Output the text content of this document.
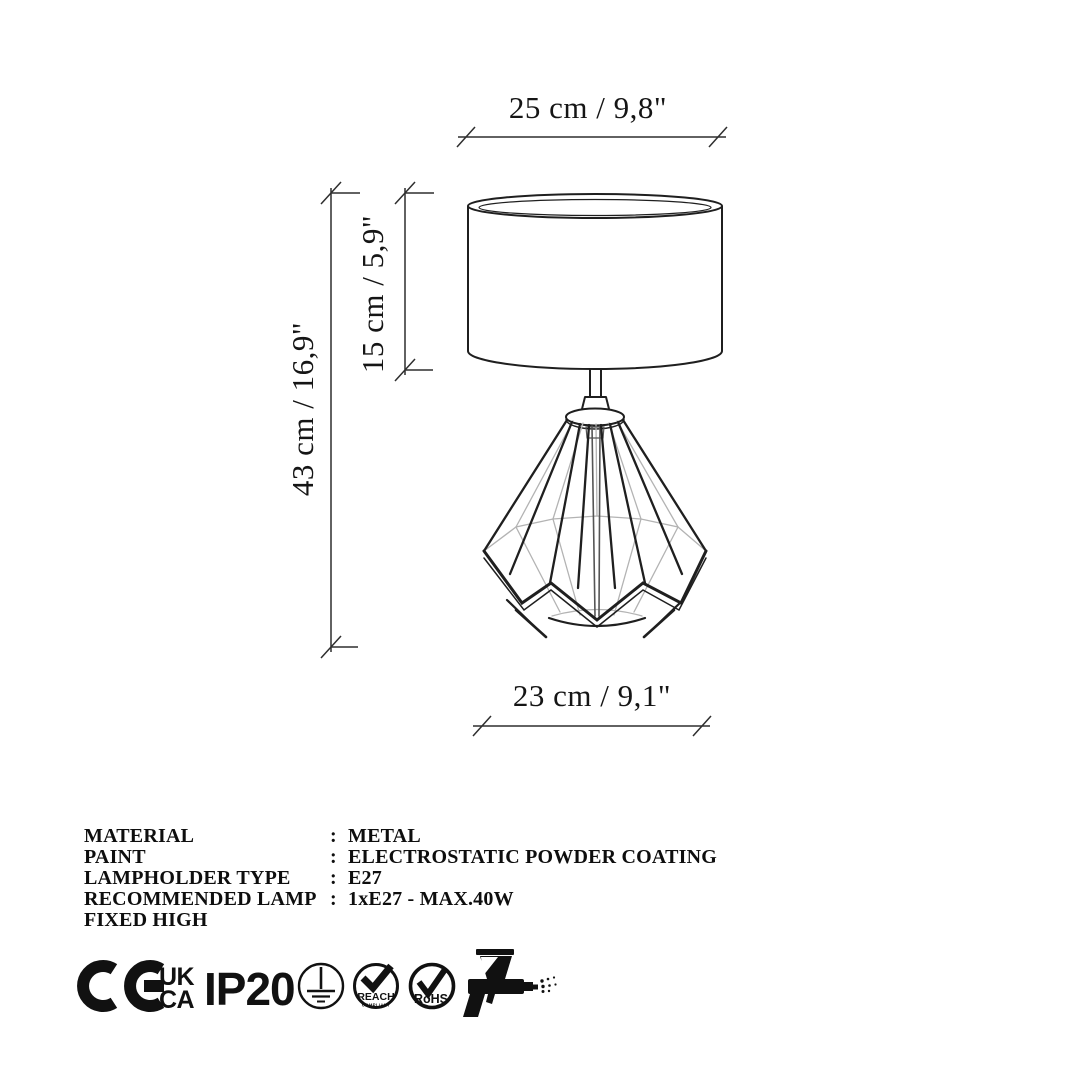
UK
CA IP20	REACH
COMPLIANT RoHS
25 cm / 9,8"
43 cm / 16,9"
15 cm / 5,9"
23 cm / 9,1"
MATERIAL	: METAL
PAINT	: ELECTROSTATIC POWDER COATING
LAMPHOLDER TYPE	: E27
RECOMMENDED LAMP : 1xE27 - MAX.40W
FIXED HIGH
